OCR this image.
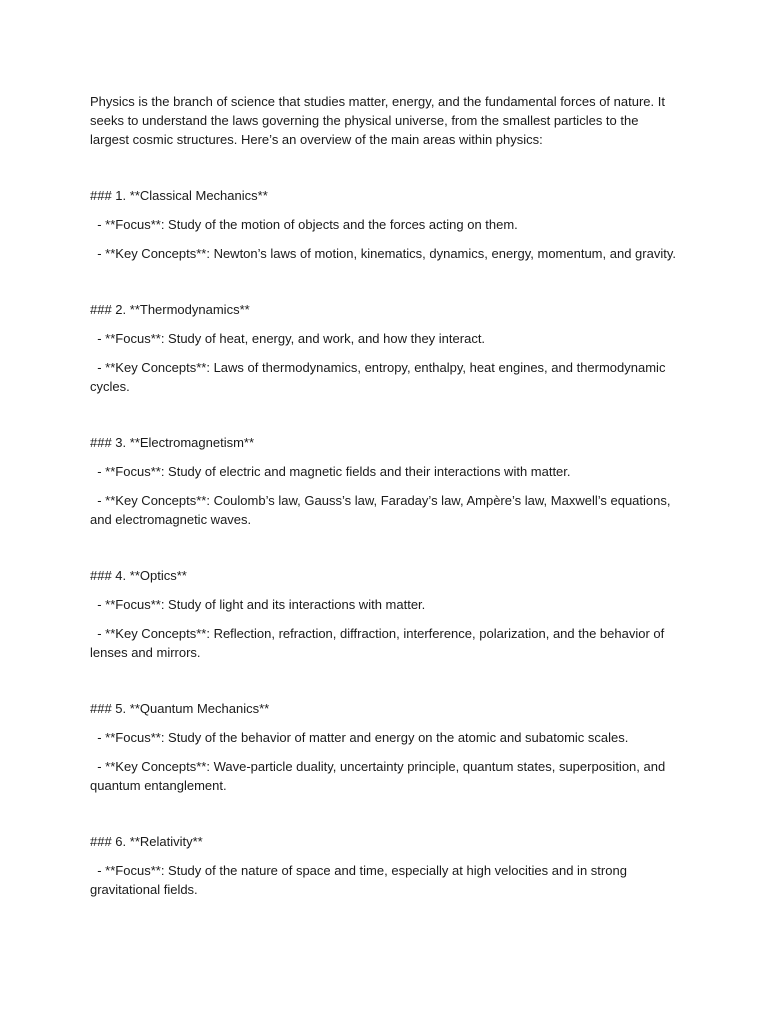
Physics is the branch of science that studies matter, energy, and the fundamental forces of nature. It seeks to understand the laws governing the physical universe, from the smallest particles to the largest cosmic structures. Here’s an overview of the main areas within physics:

### 1. **Classical Mechanics**

- **Focus**: Study of the motion of objects and the forces acting on them.

- **Key Concepts**: Newton’s laws of motion, kinematics, dynamics, energy, momentum, and gravity.

### 2. **Thermodynamics**

- **Focus**: Study of heat, energy, and work, and how they interact.

- **Key Concepts**: Laws of thermodynamics, entropy, enthalpy, heat engines, and thermodynamic cycles.

### 3. **Electromagnetism**

- **Focus**: Study of electric and magnetic fields and their interactions with matter.

- **Key Concepts**: Coulomb’s law, Gauss’s law, Faraday’s law, Ampère’s law, Maxwell’s equations, and electromagnetic waves.

### 4. **Optics**

- **Focus**: Study of light and its interactions with matter.

- **Key Concepts**: Reflection, refraction, diffraction, interference, polarization, and the behavior of lenses and mirrors.

### 5. **Quantum Mechanics**

- **Focus**: Study of the behavior of matter and energy on the atomic and subatomic scales.

- **Key Concepts**: Wave-particle duality, uncertainty principle, quantum states, superposition, and quantum entanglement.

### 6. **Relativity**

- **Focus**: Study of the nature of space and time, especially at high velocities and in strong gravitational fields.
